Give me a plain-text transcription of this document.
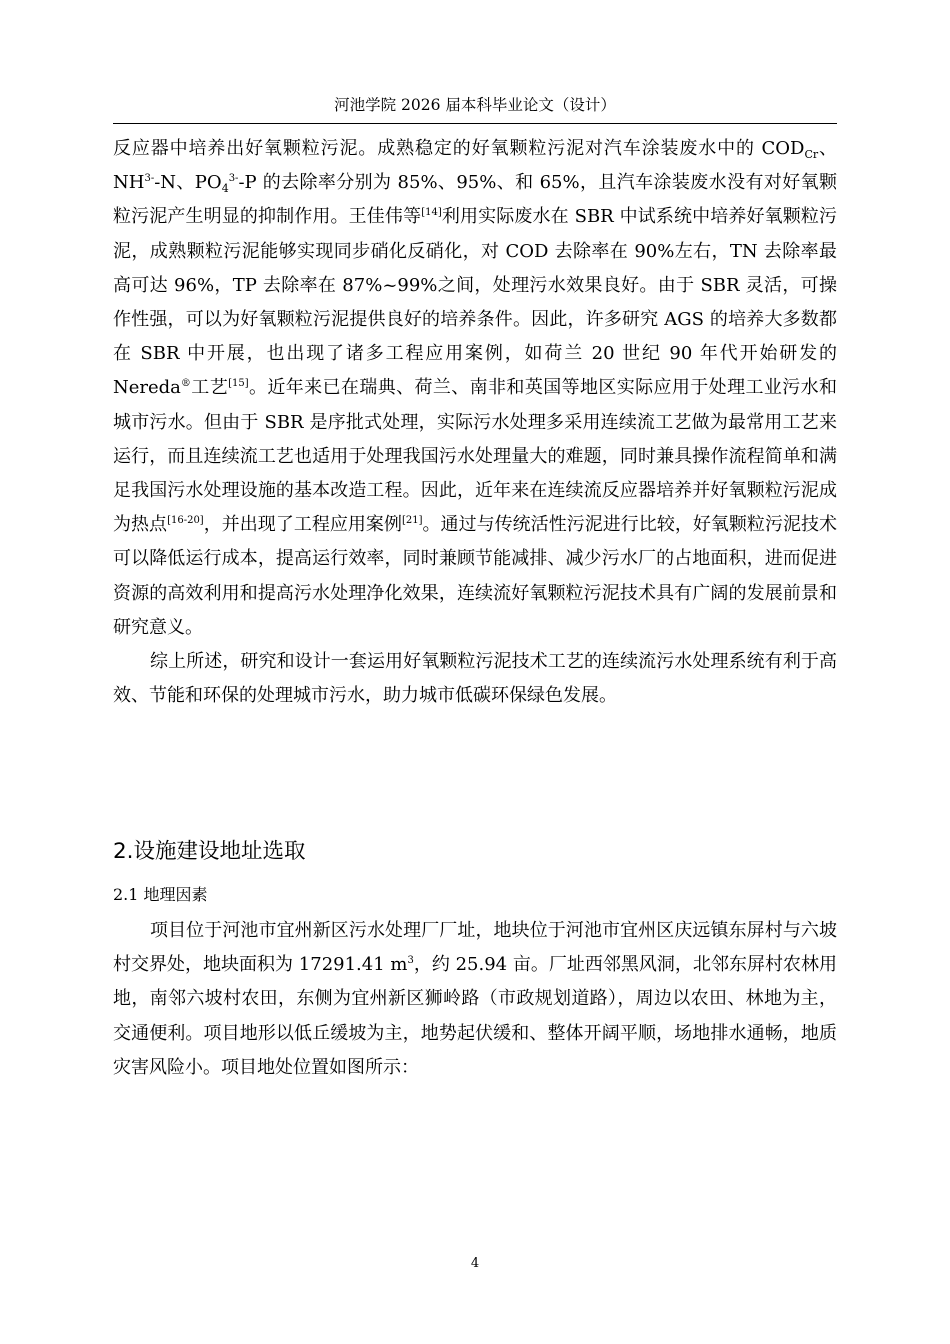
河池学院 2026 届本科毕业论文（设计）

反应器中培养出好氧颗粒污泥。成熟稳定的好氧颗粒污泥对汽车涂装废水中的 $COD_{Cr}$、$NH^{3-}-N$、$PO_4^{3-}-P$ 的去除率分别为 85%、95%、和 65%，且汽车涂装废水没有对好氧颗粒污泥产生明显的抑制作用。王佳伟等[14]利用实际废水在 SBR 中试系统中培养好氧颗粒污泥，成熟颗粒污泥能够实现同步硝化反硝化，对 COD 去除率在 90%左右，TN 去除率最高可达 96%，TP 去除率在 87%~99%之间，处理污水效果良好。由于 SBR 灵活，可操作性强，可以为好氧颗粒污泥提供良好的培养条件。因此，许多研究 AGS 的培养大多数都在 SBR 中开展，也出现了诸多工程应用案例，如荷兰 20 世纪 90 年代开始研发的 Nereda®工艺[15]。近年来已在瑞典、荷兰、南非和英国等地区实际应用于处理工业污水和城市污水。但由于 SBR 是序批式处理，实际污水处理多采用连续流工艺做为最常用工艺来运行，而且连续流工艺也适用于处理我国污水处理量大的难题，同时兼具操作流程简单和满足我国污水处理设施的基本改造工程。因此，近年来在连续流反应器培养并好氧颗粒污泥成为热点[16-20]，并出现了工程应用案例[21]。通过与传统活性污泥进行比较，好氧颗粒污泥技术可以降低运行成本，提高运行效率，同时兼顾节能减排、减少污水厂的占地面积，进而促进资源的高效利用和提高污水处理净化效果，连续流好氧颗粒污泥技术具有广阔的发展前景和研究意义。

综上所述，研究和设计一套运用好氧颗粒污泥技术工艺的连续流污水处理系统有利于高效、节能和环保的处理城市污水，助力城市低碳环保绿色发展。

2.设施建设地址选取
2.1 地理因素

项目位于河池市宜州新区污水处理厂厂址，地块位于河池市宜州区庆远镇东屏村与六坡村交界处，地块面积为 17291.41 $m^3$，约 25.94 亩。厂址西邻黑风洞，北邻东屏村农林用地，南邻六坡村农田，东侧为宜州新区狮岭路（市政规划道路），周边以农田、林地为主，交通便利。项目地形以低丘缓坡为主，地势起伏缓和、整体开阔平顺，场地排水通畅，地质灾害风险小。项目地处位置如图所示：

4
